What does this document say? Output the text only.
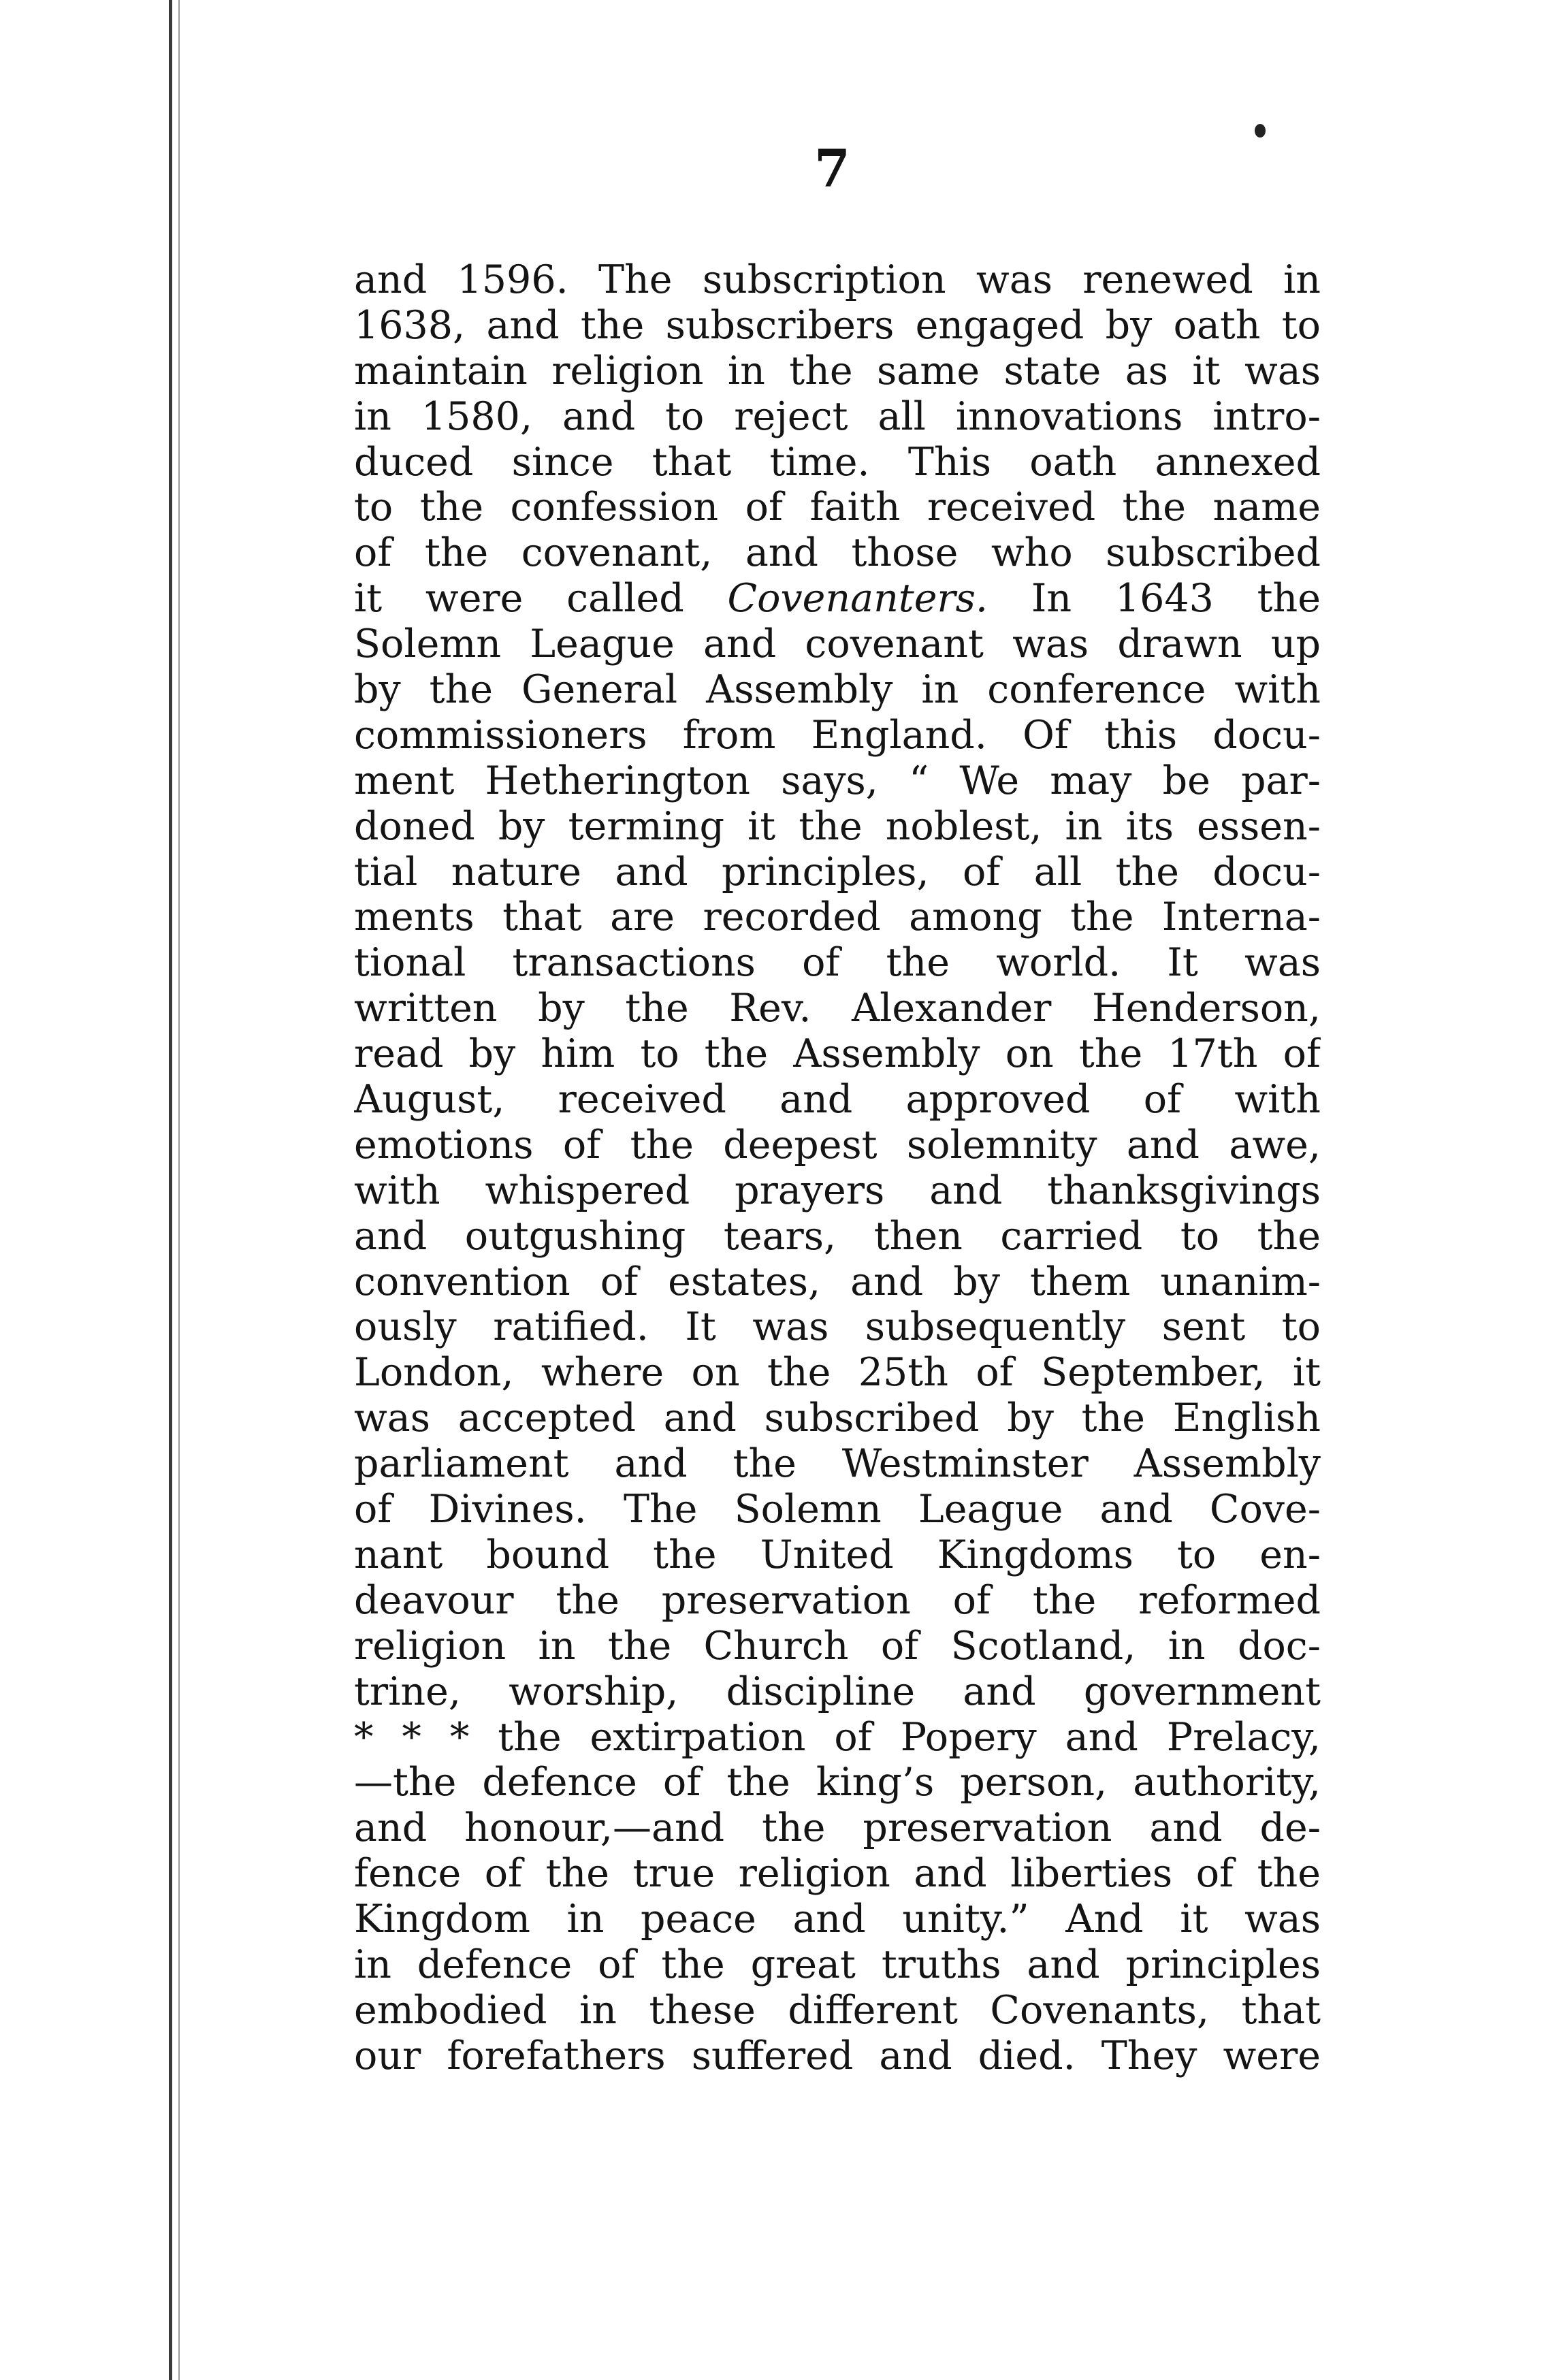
7
and 1596. The subscription was renewed in
1638, and the subscribers engaged by oath to
maintain religion in the same state as it was
in 1580, and to reject all innovations intro-
duced since that time. This oath annexed
to the confession of faith received the name
of the covenant, and those who subscribed
it were called Covenanters. In 1643 the
Solemn League and covenant was drawn up
by the General Assembly in conference with
commissioners from England. Of this docu-
ment Hetherington says, “ We may be par-
doned by terming it the noblest, in its essen-
tial nature and principles, of all the docu-
ments that are recorded among the Interna-
tional transactions of the world. It was
written by the Rev. Alexander Henderson,
read by him to the Assembly on the 17th of
August, received and approved of with
emotions of the deepest solemnity and awe,
with whispered prayers and thanksgivings
and outgushing tears, then carried to the
convention of estates, and by them unanim-
ously ratified. It was subsequently sent to
London, where on the 25th of September, it
was accepted and subscribed by the English
parliament and the Westminster Assembly
of Divines. The Solemn League and Cove-
nant bound the United Kingdoms to en-
deavour the preservation of the reformed
religion in the Church of Scotland, in doc-
trine, worship, discipline and government
* * * the extirpation of Popery and Prelacy,
—the defence of the king’s person, authority,
and honour,—and the preservation and de-
fence of the true religion and liberties of the
Kingdom in peace and unity.” And it was
in defence of the great truths and principles
embodied in these different Covenants, that
our forefathers suffered and died. They were
